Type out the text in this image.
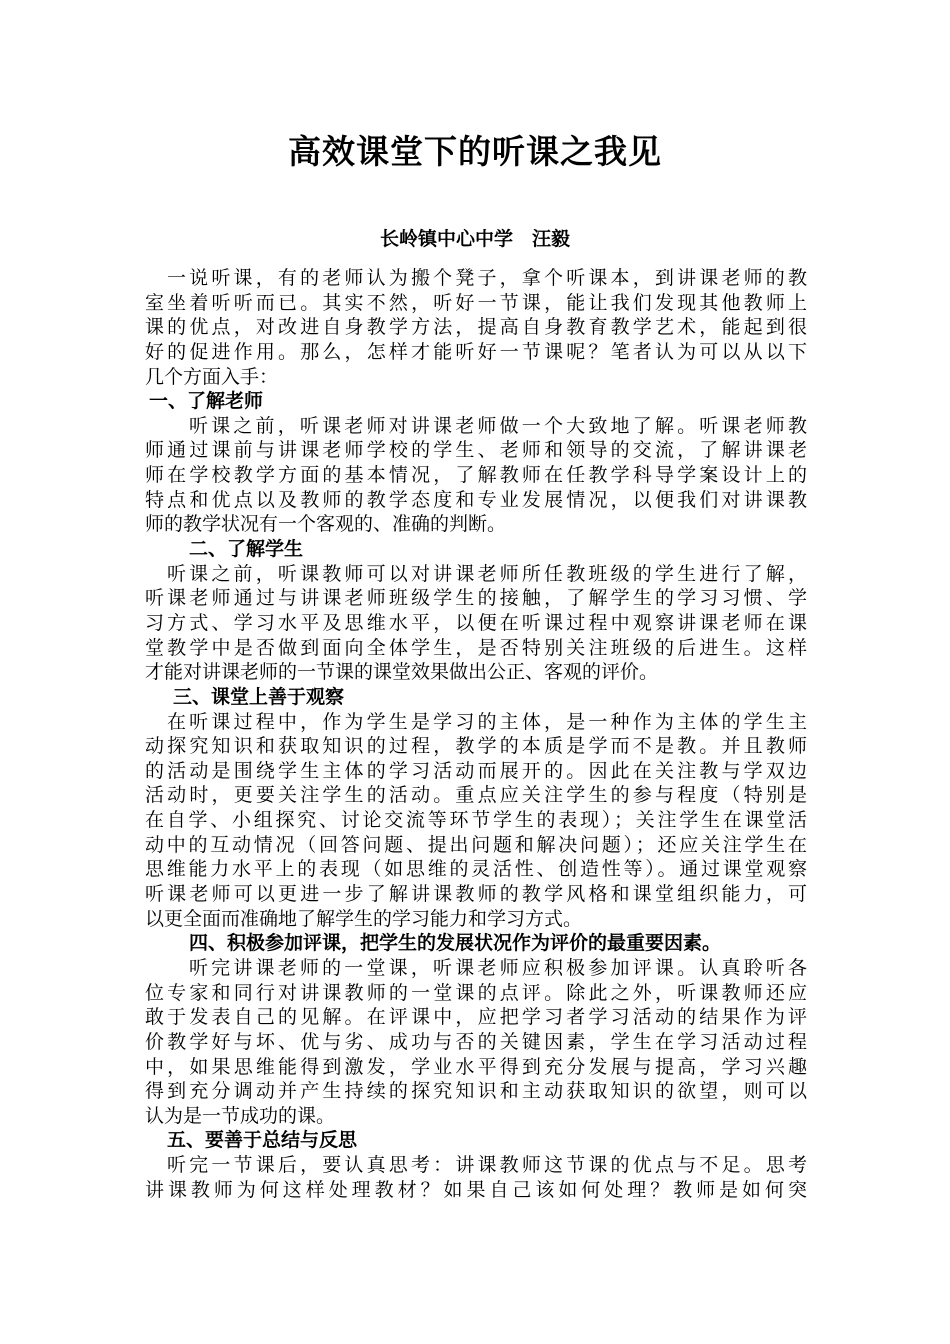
高效课堂下的听课之我见

长岭镇中心中学　汪毅

一说听课，有的老师认为搬个凳子，拿个听课本，到讲课老师的教
室坐着听听而已。其实不然，听好一节课，能让我们发现其他教师上
课的优点，对改进自身教学方法，提高自身教育教学艺术，能起到很
好的促进作用。那么，怎样才能听好一节课呢？笔者认为可以从以下
几个方面入手：
一、了解老师
听课之前，听课老师对讲课老师做一个大致地了解。听课老师教
师通过课前与讲课老师学校的学生、老师和领导的交流，了解讲课老
师在学校教学方面的基本情况，了解教师在任教学科导学案设计上的
特点和优点以及教师的教学态度和专业发展情况，以便我们对讲课教
师的教学状况有一个客观的、准确的判断。
二、了解学生
听课之前，听课教师可以对讲课老师所任教班级的学生进行了解，
听课老师通过与讲课老师班级学生的接触，了解学生的学习习惯、学
习方式、学习水平及思维水平，以便在听课过程中观察讲课老师在课
堂教学中是否做到面向全体学生，是否特别关注班级的后进生。这样
才能对讲课老师的一节课的课堂效果做出公正、客观的评价。
三、课堂上善于观察
在听课过程中，作为学生是学习的主体，是一种作为主体的学生主
动探究知识和获取知识的过程，教学的本质是学而不是教。并且教师
的活动是围绕学生主体的学习活动而展开的。因此在关注教与学双边
活动时，更要关注学生的活动。重点应关注学生的参与程度（特别是
在自学、小组探究、讨论交流等环节学生的表现）；关注学生在课堂活
动中的互动情况（回答问题、提出问题和解决问题）；还应关注学生在
思维能力水平上的表现（如思维的灵活性、创造性等）。通过课堂观察
听课老师可以更进一步了解讲课教师的教学风格和课堂组织能力，可
以更全面而准确地了解学生的学习能力和学习方式。
四、积极参加评课，把学生的发展状况作为评价的最重要因素。
听完讲课老师的一堂课，听课老师应积极参加评课。认真聆听各
位专家和同行对讲课教师的一堂课的点评。除此之外，听课教师还应
敢于发表自己的见解。在评课中，应把学习者学习活动的结果作为评
价教学好与坏、优与劣、成功与否的关键因素，学生在学习活动过程
中，如果思维能得到激发，学业水平得到充分发展与提高，学习兴趣
得到充分调动并产生持续的探究知识和主动获取知识的欲望，则可以
认为是一节成功的课。
五、要善于总结与反思
听完一节课后，要认真思考：讲课教师这节课的优点与不足。思考
讲课教师为何这样处理教材？如果自己该如何处理？教师是如何突
